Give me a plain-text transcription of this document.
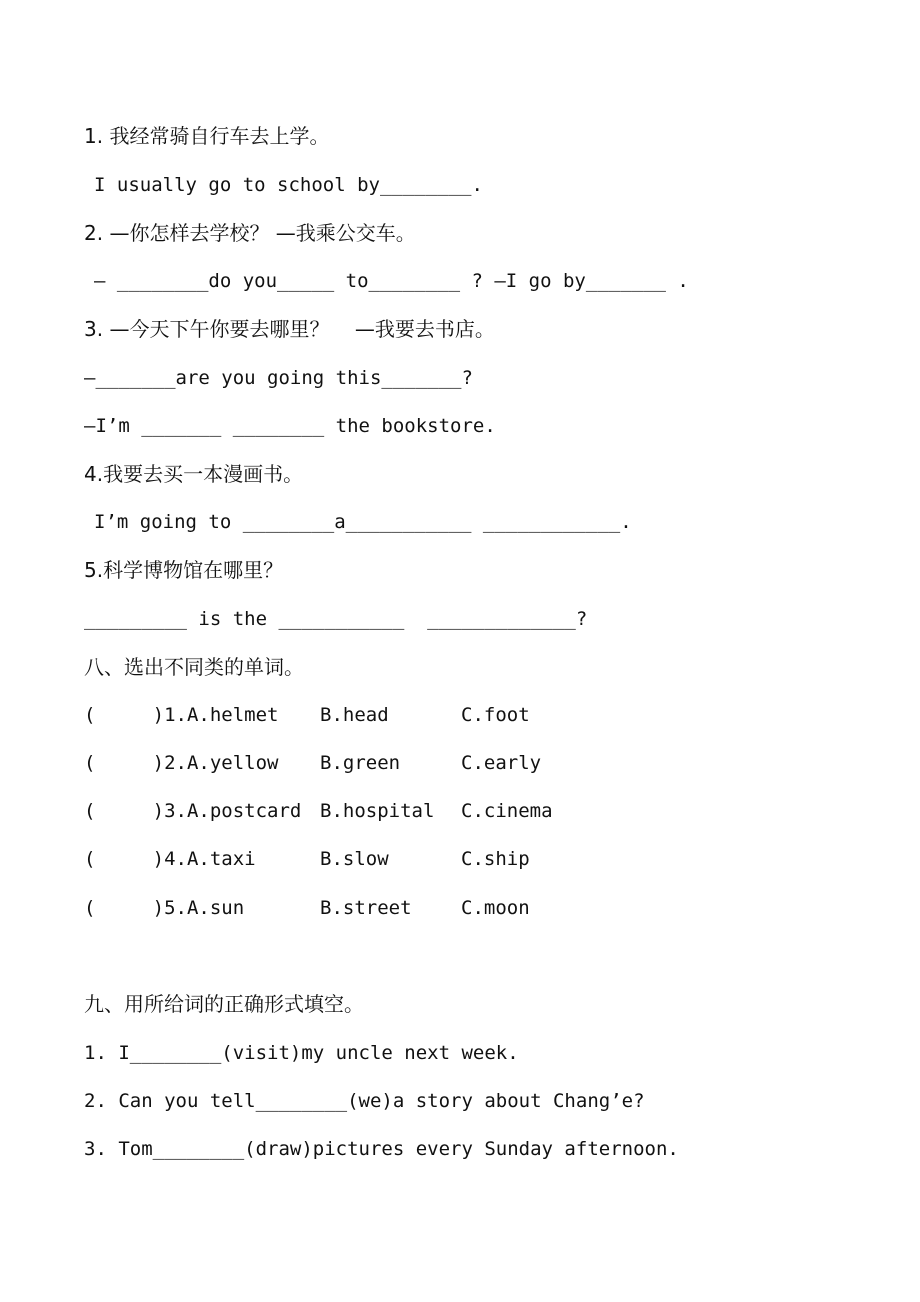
1. 我经常骑自行车去上学。
I usually go to school by________.
2. —你怎样去学校？ —我乘公交车。
— ________do you_____ to________ ? —I go by_______ .
3. —今天下午你要去哪里？    —我要去书店。
—_______are you going this_______?
—I’m _______ ________ the bookstore.
4.我要去买一本漫画书。
I’m going to ________a___________ ____________.
5.科学博物馆在哪里？
_________ is the ___________  _____________?
八、选出不同类的单词。
(     )1.A.helmet B.head	C.foot
(     )2.A.yellow B.green	C.early
(     )3.A.postcard B.hospital C.cinema
(     )4.A.taxi	B.slow	C.ship
(     )5.A.sun	B.street	C.moon
九、用所给词的正确形式填空。
1. I________(visit)my uncle next week.
2. Can you tell________(we)a story about Chang’e?
3. Tom________(draw)pictures every Sunday afternoon.
